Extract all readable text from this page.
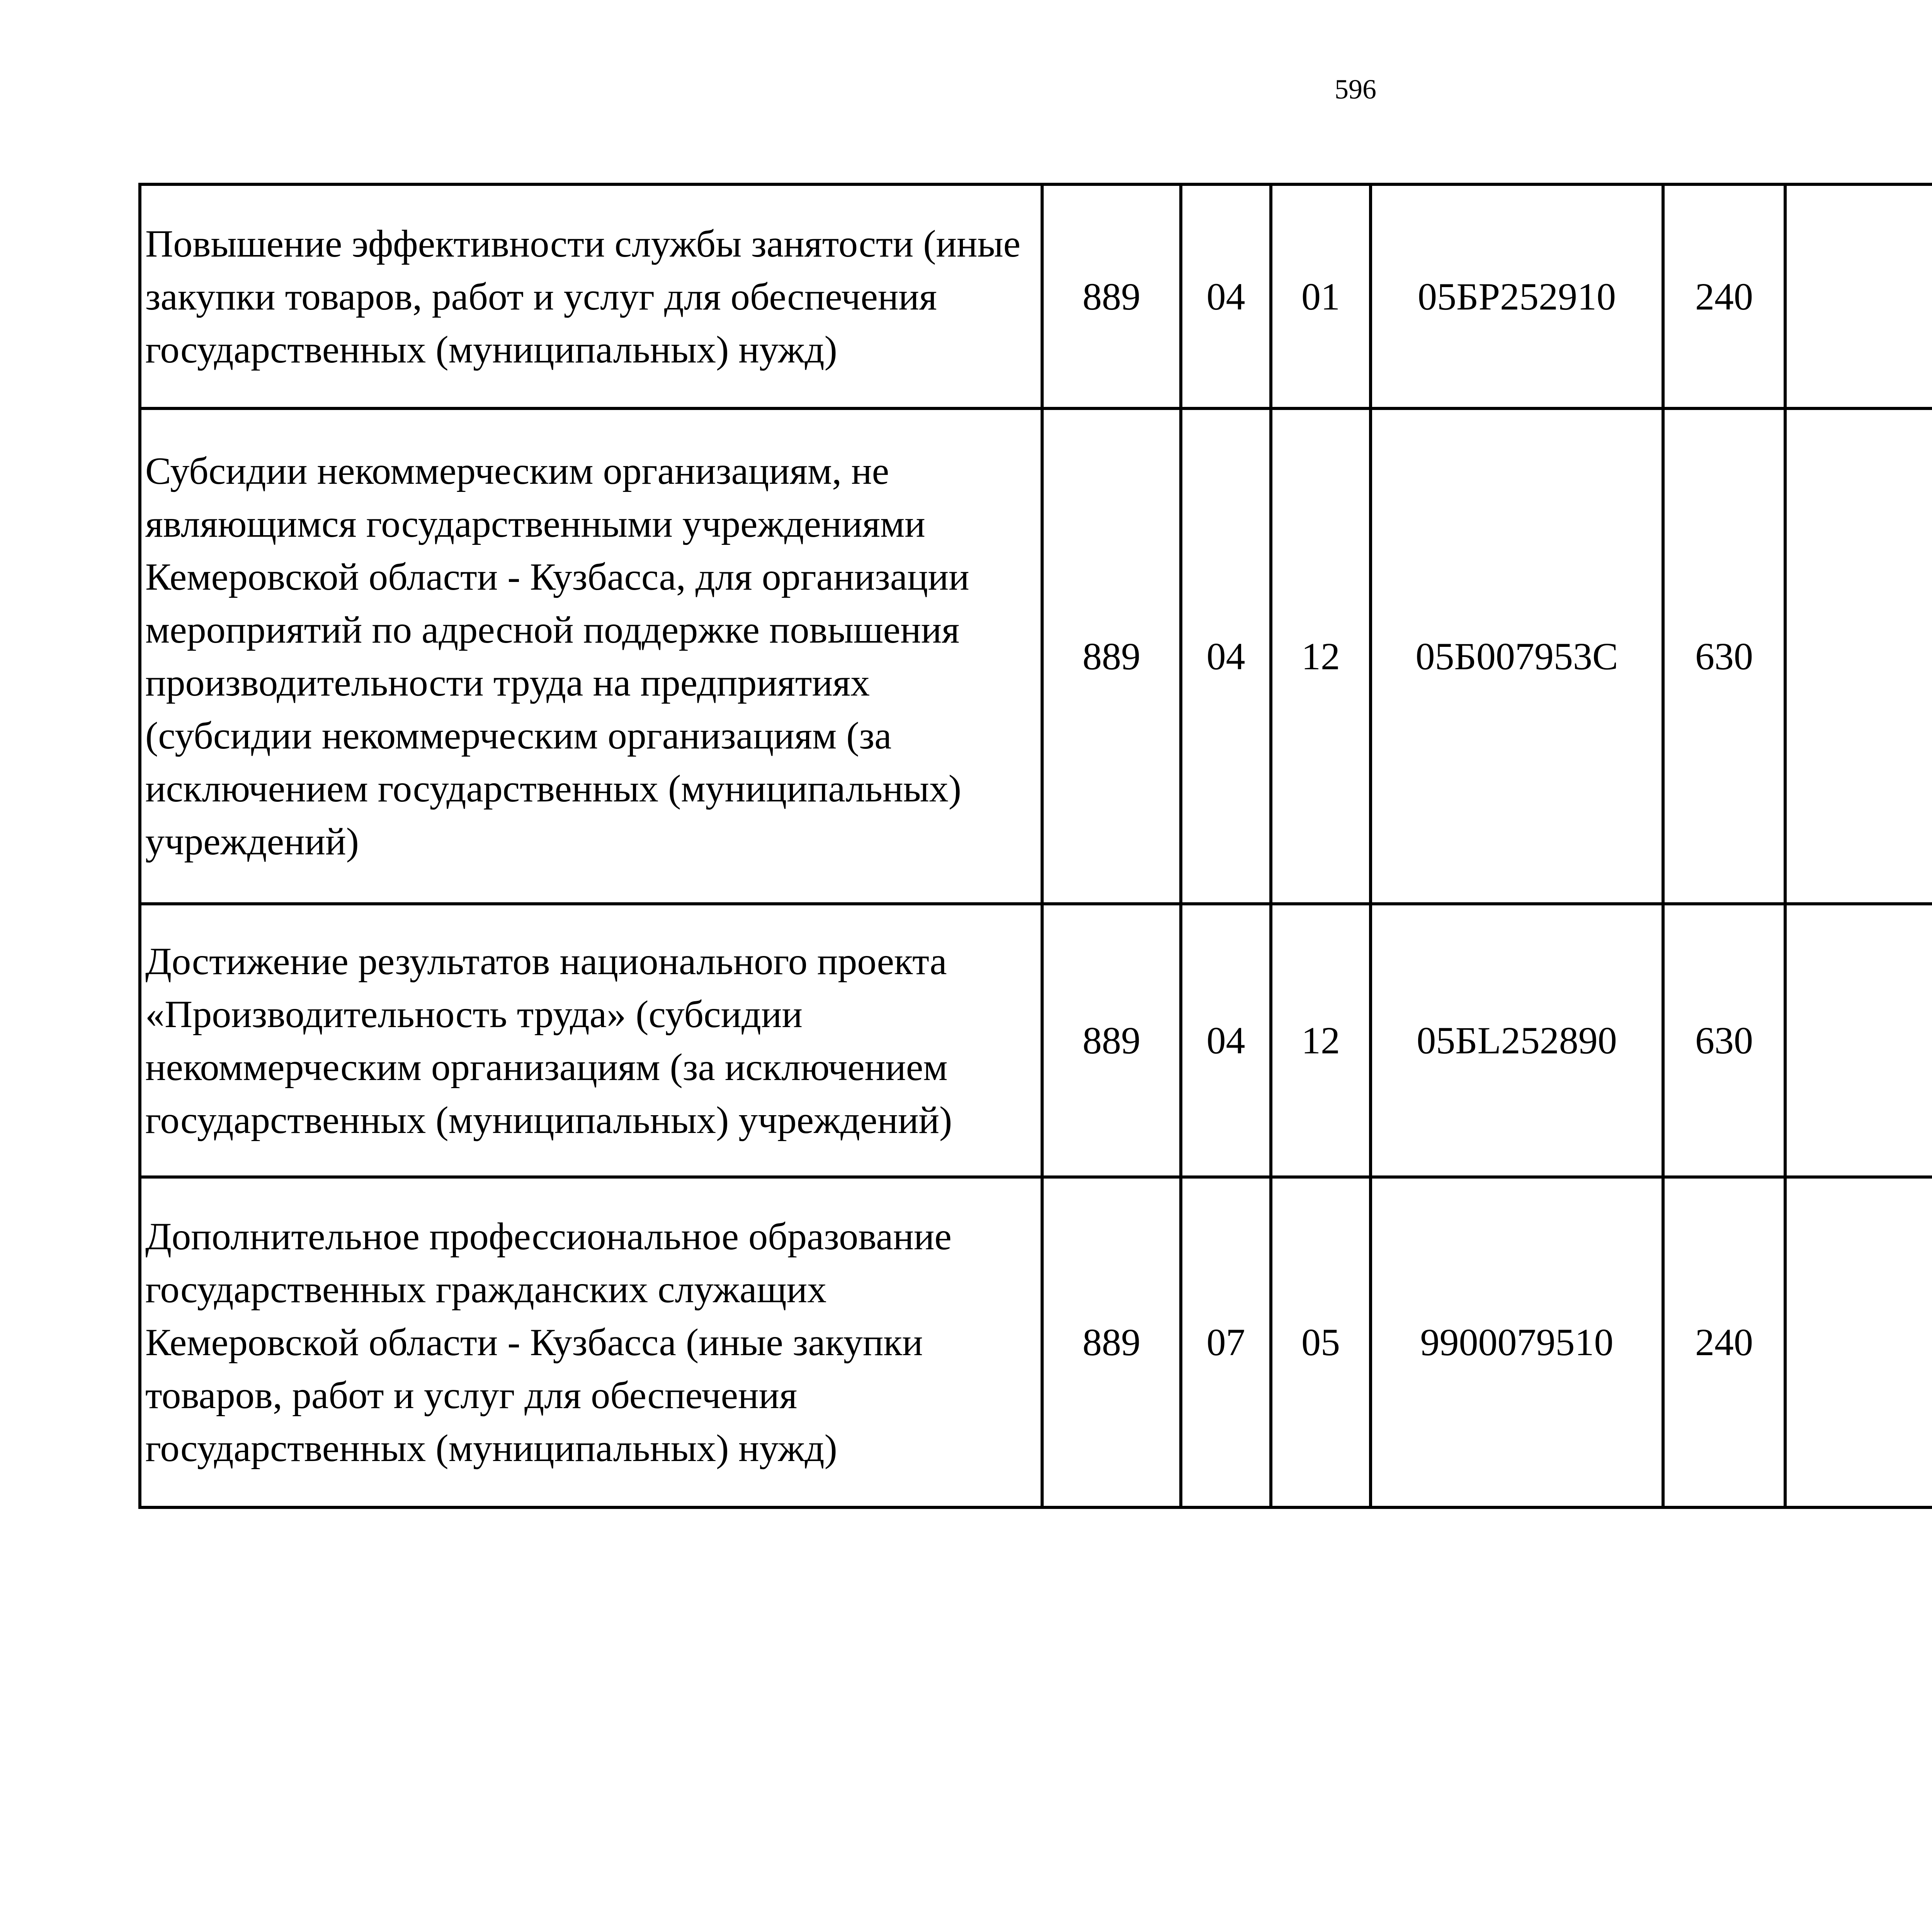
596
Повышение эффективности службы занятости (иные закупки товаров, работ и услуг для обеспечения государственных (муниципальных) нужд)	889	04	01	05БР252910	240			
Субсидии некоммерческим организациям, не являющимся государственными учреждениями Кемеровской области - Кузбасса, для организации мероприятий по адресной поддержке повышения производительности труда на предприятиях (субсидии некоммерческим организациям (за исключением государственных (муниципальных) учреждений)	889	04	12	05Б007953С	630			
Достижение результатов национального проекта «Производительность труда» (субсидии некоммерческим организациям (за исключением государственных (муниципальных) учреждений)	889	04	12	05БL252890	630			
Дополнительное профессиональное образование государственных гражданских служащих Кемеровской области - Кузбасса (иные закупки товаров, работ и услуг для обеспечения государственных (муниципальных) нужд)	889	07	05	9900079510	240			
